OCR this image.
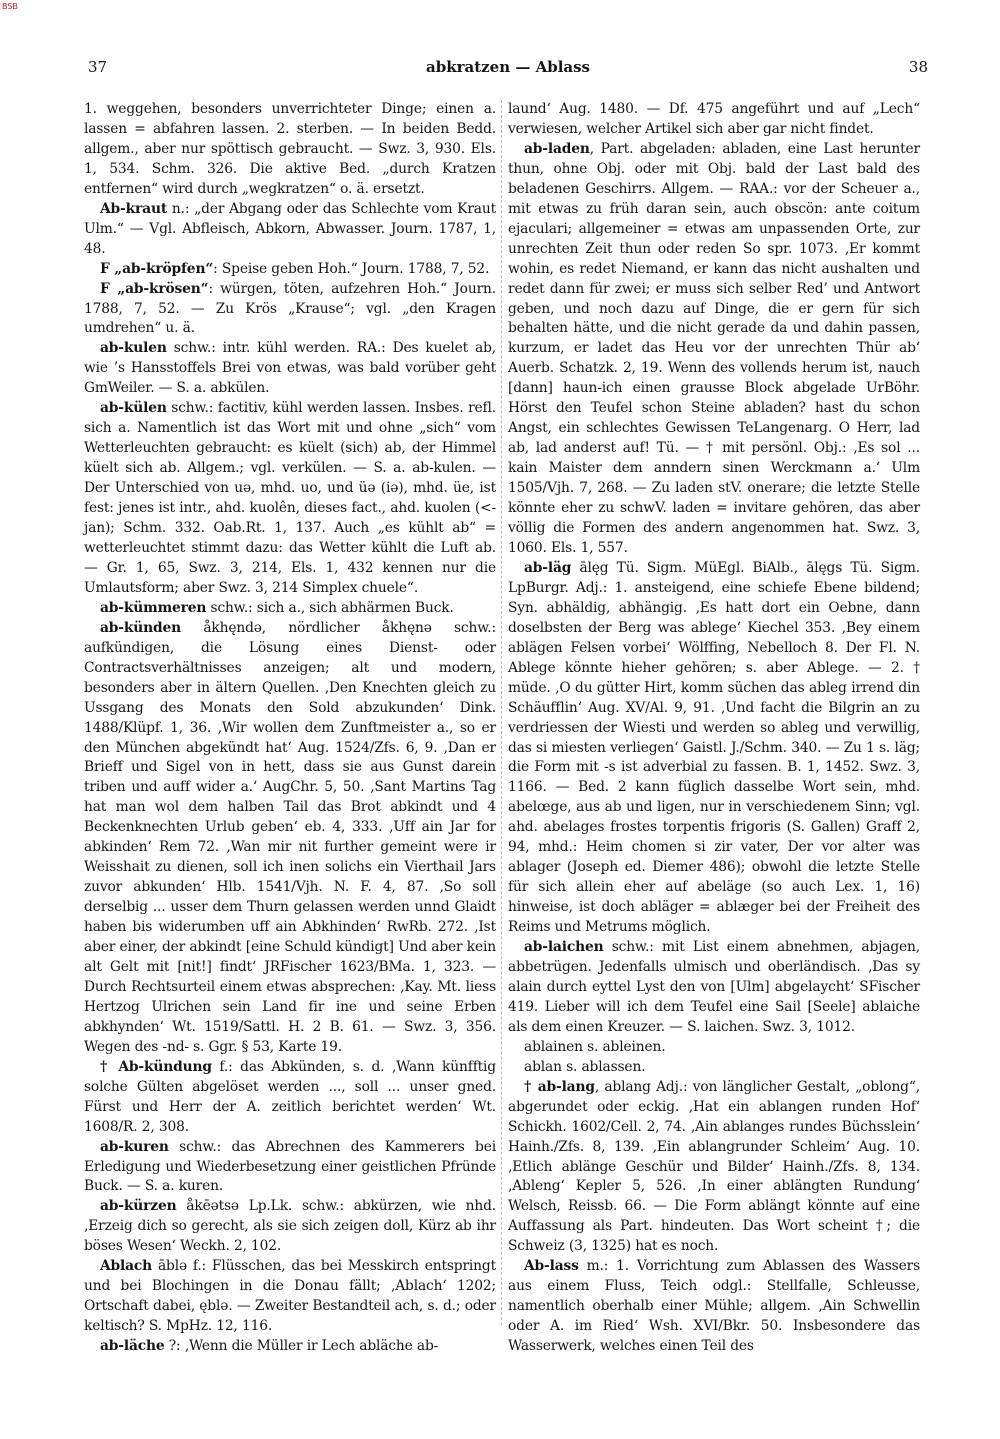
BSB
37	abkratzen — Ablass	38

1. weggehen, besonders unverrichteter Dinge; einen a. lassen = abfahren lassen. 2. sterben. — In beiden Bedd. allgem., aber nur spöttisch gebraucht. — Swz. 3, 930. Els. 1, 534. Schm. 326. Die aktive Bed. „durch Kratzen entfernen“ wird durch „wegkratzen“ o. ä. ersetzt.

Ab-kraut n.: „der Abgang oder das Schlechte vom Kraut Ulm.“ — Vgl. Abfleisch, Abkorn, Abwasser. Journ. 1787, 1, 48.

F „ab-kröpfen“: Speise geben Hoh.“ Journ. 1788, 7, 52.

F „ab-krösen“: würgen, töten, aufzehren Hoh.“ Journ. 1788, 7, 52. — Zu Krös „Krause“; vgl. „den Kragen umdrehen“ u. ä.

ab-kulen schw.: intr. kühl werden. RA.: Des kuelet ab, wie ’s Hansstoffels Brei von etwas, was bald vorüber geht GmWeiler. — S. a. abkülen.

ab-külen schw.: factitiv, kühl werden lassen. Insbes. refl. sich a. Namentlich ist das Wort mit und ohne „sich“ vom Wetterleuchten gebraucht: es küelt (sich) ab, der Himmel küelt sich ab. Allgem.; vgl. verkülen. — S. a. ab-kulen. — Der Unterschied von uə, mhd. uo, und üə (iə), mhd. üe, ist fest: jenes ist intr., ahd. kuolên, dieses fact., ahd. kuolen (<-jan); Schm. 332. Oab.Rt. 1, 137. Auch „es kühlt ab“ = wetterleuchtet stimmt dazu: das Wetter kühlt die Luft ab. — Gr. 1, 65, Swz. 3, 214, Els. 1, 432 kennen nur die Umlautsform; aber Swz. 3, 214 Simplex chuele“.

ab-kümmeren schw.: sich a., sich abhärmen Buck.

ab-künden åkhęndə, nördlicher åkhęnə schw.: aufkündigen, die Lösung eines Dienst- oder Contractsverhältnisses anzeigen; alt und modern, besonders aber in ältern Quellen. ‚Den Knechten gleich zu Ussgang des Monats den Sold abzukunden‘ Dink. 1488/Klüpf. 1, 36. ‚Wir wollen dem Zunftmeister a., so er den München abgekündt hat‘ Aug. 1524/Zfs. 6, 9. ‚Dan er Brieff und Sigel von in hett, dass sie aus Gunst darein triben und auff wider a.‘ AugChr. 5, 50. ‚Sant Martins Tag hat man wol dem halben Tail das Brot abkindt und 4 Beckenknechten Urlub geben‘ eb. 4, 333. ‚Uff ain Jar for abkinden‘ Rem 72. ‚Wan mir nit further gemeint were ir Weisshait zu dienen, soll ich inen solichs ein Vierthail Jars zuvor abkunden‘ Hlb. 1541/Vjh. N. F. 4, 87. ‚So soll derselbig ... usser dem Thurn gelassen werden unnd Glaidt haben bis widerumben uff ain Abkhinden‘ RwRb. 272. ‚Ist aber einer, der abkindt [eine Schuld kündigt] Und aber kein alt Gelt mit [nit!] findt‘ JRFischer 1623/BMa. 1, 323. — Durch Rechtsurteil einem etwas absprechen: ‚Kay. Mt. liess Hertzog Ulrichen sein Land fir ine und seine Erben abkhynden‘ Wt. 1519/Sattl. H. 2 B. 61. — Swz. 3, 356. Wegen des -nd- s. Ggr. § 53, Karte 19.

† Ab-kündung f.: das Abkünden, s. d. ‚Wann künfftig solche Gülten abgelöset werden ..., soll ... unser gned. Fürst und Herr der A. zeitlich berichtet werden‘ Wt. 1608/R. 2, 308.

ab-kuren schw.: das Abrechnen des Kammerers bei Erledigung und Wiederbesetzung einer geistlichen Pfründe Buck. — S. a. kuren.

ab-kürzen åkēətsə Lp.Lk. schw.: abkürzen, wie nhd. ‚Erzeig dich so gerecht, als sie sich zeigen doll, Kürz ab ihr böses Wesen‘ Weckh. 2, 102.

Ablach āblə f.: Flüsschen, das bei Messkirch entspringt und bei Blochingen in die Donau fällt; ‚Ablach‘ 1202; Ortschaft dabei, ęblə. — Zweiter Bestandteil ach, s. d.; oder keltisch? S. MpHz. 12, 116.

ab-läche ?: ‚Wenn die Müller ir Lech abläche ab-

laund‘ Aug. 1480. — Df. 475 angeführt und auf „Lech“ verwiesen, welcher Artikel sich aber gar nicht findet.

ab-laden, Part. abgeladen: abladen, eine Last herunter thun, ohne Obj. oder mit Obj. bald der Last bald des beladenen Geschirrs. Allgem. — RAA.: vor der Scheuer a., mit etwas zu früh daran sein, auch obscön: ante coitum ejaculari; allgemeiner = etwas am unpassenden Orte, zur unrechten Zeit thun oder reden So spr. 1073. ‚Er kommt wohin, es redet Niemand, er kann das nicht aushalten und redet dann für zwei; er muss sich selber Red’ und Antwort geben, und noch dazu auf Dinge, die er gern für sich behalten hätte, und die nicht gerade da und dahin passen, kurzum, er ladet das Heu vor der unrechten Thür ab‘ Auerb. Schatzk. 2, 19. Wenn des vollends herum ist, nauch [dann] haun-ich einen grausse Block abgelade UrBöhr. Hörst den Teufel schon Steine abladen? hast du schon Angst, ein schlechtes Gewissen TeLangenarg. O Herr, lad ab, lad anderst auf! Tü. — † mit persönl. Obj.: ‚Es sol ... kain Maister dem anndern sinen Werckmann a.‘ Ulm 1505/Vjh. 7, 268. — Zu laden stV. onerare; die letzte Stelle könnte eher zu schwV. laden = invitare gehören, das aber völlig die Formen des andern angenommen hat. Swz. 3, 1060. Els. 1, 557.

ab-läg ālęg Tü. Sigm. MüEgl. BiAlb., ālęgs Tü. Sigm. LpBurgr. Adj.: 1. ansteigend, eine schiefe Ebene bildend; Syn. abhäldig, abhängig. ‚Es hatt dort ein Oebne, dann doselbsten der Berg was ablege‘ Kiechel 353. ‚Bey einem ablägen Felsen vorbei‘ Wölffing, Nebelloch 8. Der Fl. N. Ablege könnte hieher gehören; s. aber Ablege. — 2. † müde. ‚O du gütter Hirt, komm süchen das ableg irrend din Schäufflin‘ Aug. XV/Al. 9, 91. ‚Und facht die Bilgrin an zu verdriessen der Wiesti und werden so ableg und verwillig, das si miesten verliegen‘ Gaistl. J./Schm. 340. — Zu 1 s. läg; die Form mit -s ist adverbial zu fassen. B. 1, 1452. Swz. 3, 1166. — Bed. 2 kann füglich dasselbe Wort sein, mhd. abelœge, aus ab und ligen, nur in verschiedenem Sinn; vgl. ahd. abelages frostes torpentis frigoris (S. Gallen) Graff 2, 94, mhd.: Heim chomen si zir vater, Der vor alter was ablager (Joseph ed. Diemer 486); obwohl die letzte Stelle für sich allein eher auf abeläge (so auch Lex. 1, 16) hinweise, ist doch abläger = ablæger bei der Freiheit des Reims und Metrums möglich.

ab-laichen schw.: mit List einem abnehmen, abjagen, abbetrügen. Jedenfalls ulmisch und oberländisch. ‚Das sy alain durch eyttel Lyst den von [Ulm] abgelaycht‘ SFischer 419. Lieber will ich dem Teufel eine Sail [Seele] ablaiche als dem einen Kreuzer. — S. laichen. Swz. 3, 1012.

ablainen s. ableinen.

ablan s. ablassen.

† ab-lang, ablang Adj.: von länglicher Gestalt, „oblong“, abgerundet oder eckig. ‚Hat ein ablangen runden Hof‘ Schickh. 1602/Cell. 2, 74. ‚Ain ablanges rundes Büchsslein‘ Hainh./Zfs. 8, 139. ‚Ein ablangrunder Schleim‘ Aug. 10. ‚Etlich ablänge Geschür und Bilder‘ Hainh./Zfs. 8, 134. ‚Ableng‘ Kepler 5, 526. ‚In einer ablängten Rundung‘ Welsch, Reissb. 66. — Die Form ablängt könnte auf eine Auffassung als Part. hindeuten. Das Wort scheint †; die Schweiz (3, 1325) hat es noch.

Ab-lass m.: 1. Vorrichtung zum Ablassen des Wassers aus einem Fluss, Teich odgl.: Stellfalle, Schleusse, namentlich oberhalb einer Mühle; allgem. ‚Ain Schwellin oder A. im Ried‘ Wsh. XVI/Bkr. 50. Insbesondere das Wasserwerk, welches einen Teil des
